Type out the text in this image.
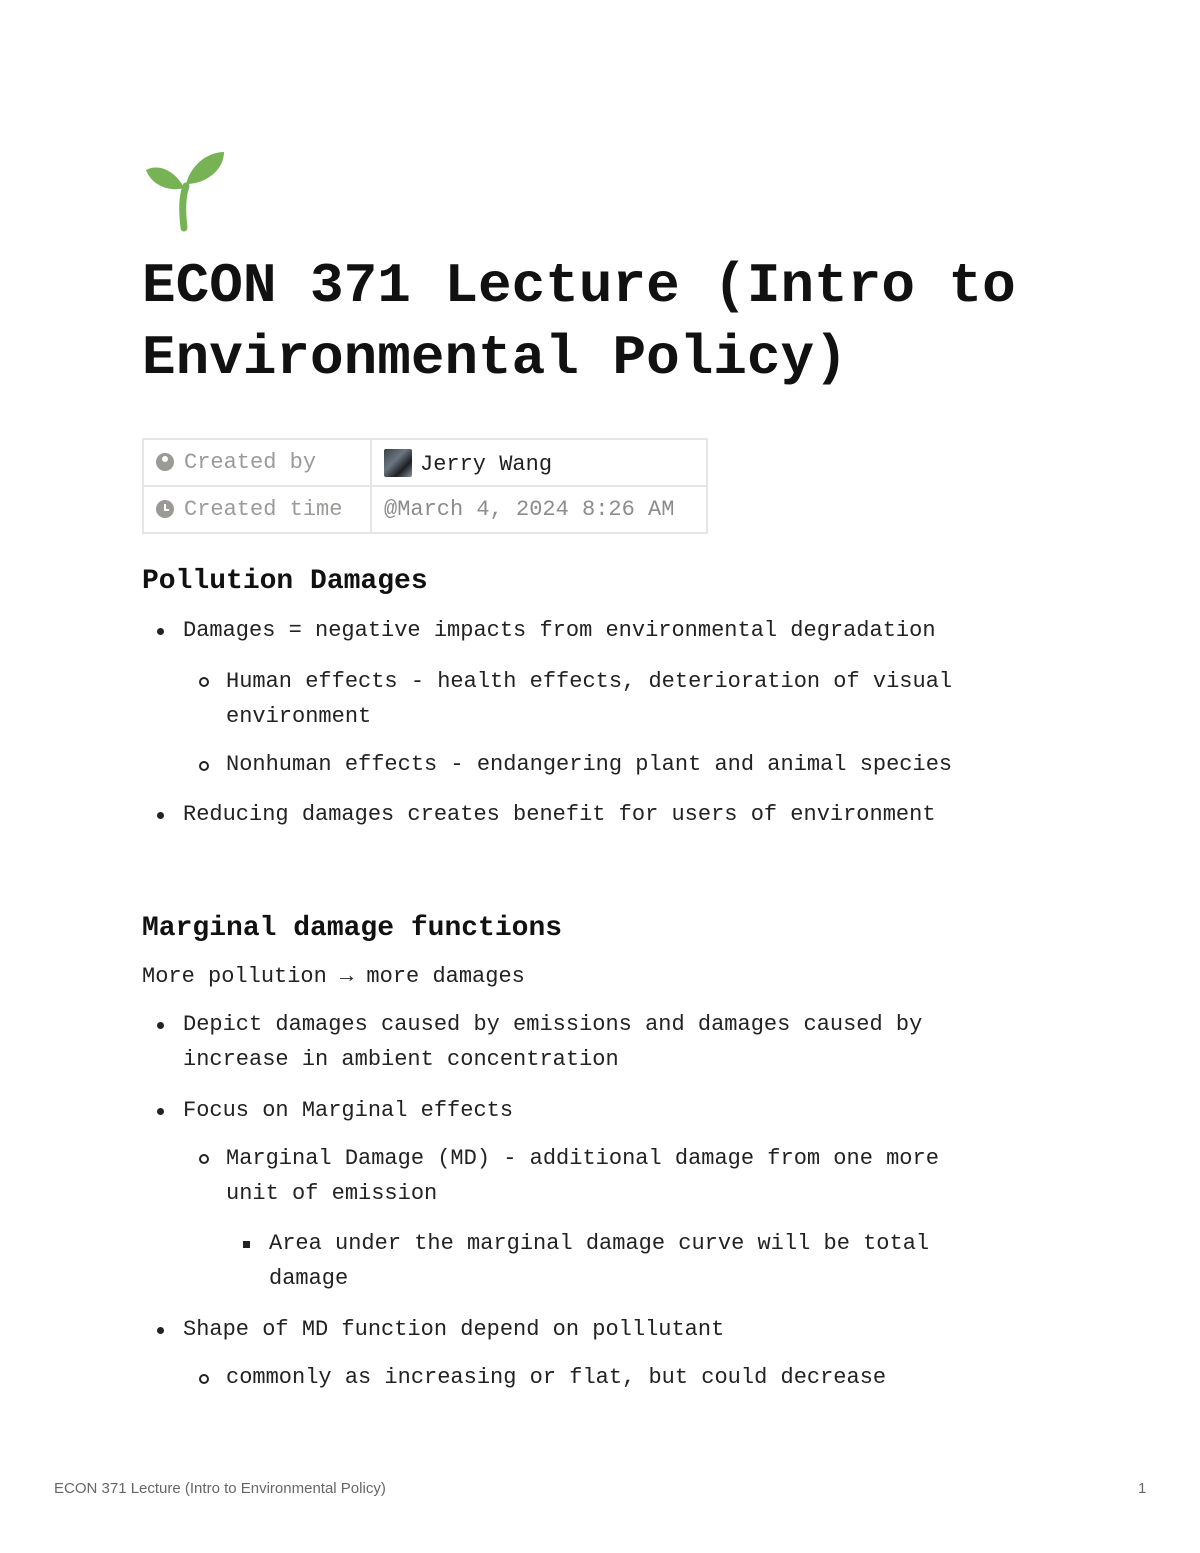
ECON 371 Lecture (Intro to Environmental Policy)
Created by	Jerry Wang
Created time	@March 4, 2024 8:26 AM
Pollution Damages

Damages = negative impacts from environmental degradation

Human effects - health effects, deterioration of visual

environment

Nonhuman effects - endangering plant and animal species

Reducing damages creates benefit for users of environment

Marginal damage functions

More pollution → more damages

Depict damages caused by emissions and damages caused by

increase in ambient concentration

Focus on Marginal effects

Marginal Damage (MD) - additional damage from one more

unit of emission

Area under the marginal damage curve will be total

damage

Shape of MD function depend on polllutant

commonly as increasing or flat, but could decrease

ECON 371 Lecture (Intro to Environmental Policy)	1
